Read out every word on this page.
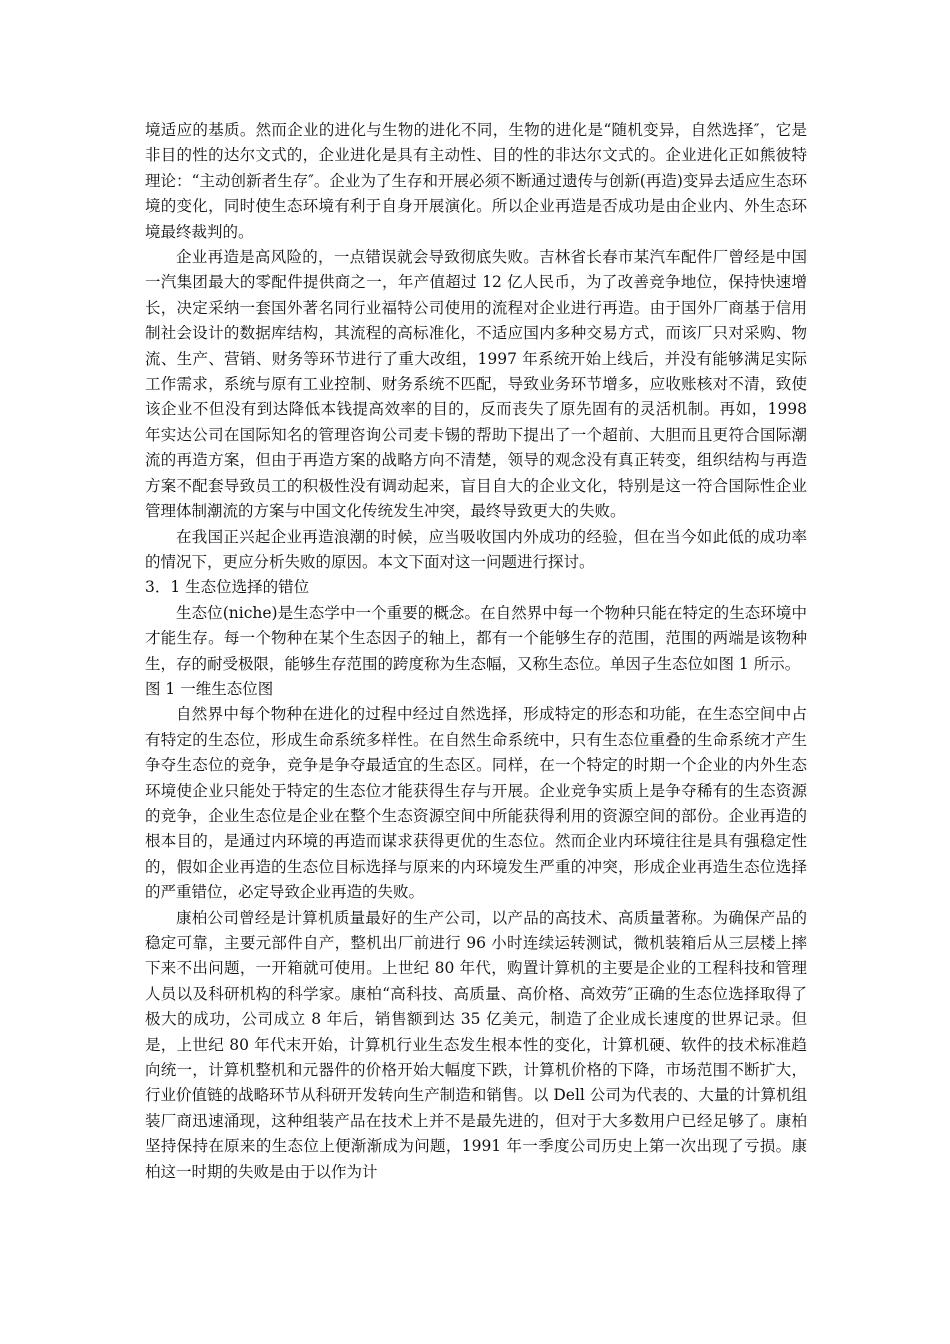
境适应的基质。然而企业的进化与生物的进化不同，生物的进化是“随机变异，自然选择″，它是非目的性的达尔文式的，企业进化是具有主动性、目的性的非达尔文式的。企业进化正如熊彼特理论：“主动创新者生存″。企业为了生存和开展必须不断通过遗传与创新(再造)变异去适应生态环境的变化，同时使生态环境有利于自身开展演化。所以企业再造是否成功是由企业内、外生态环境最终裁判的。

企业再造是高风险的，一点错误就会导致彻底失败。吉林省长春市某汽车配件厂曾经是中国一汽集团最大的零配件提供商之一，年产值超过 12 亿人民币，为了改善竞争地位，保持快速增长，决定采纳一套国外著名同行业福特公司使用的流程对企业进行再造。由于国外厂商基于信用制社会设计的数据库结构，其流程的高标准化，不适应国内多种交易方式，而该厂只对采购、物流、生产、营销、财务等环节进行了重大改组，1997 年系统开始上线后，并没有能够满足实际工作需求，系统与原有工业控制、财务系统不匹配，导致业务环节增多，应收账核对不清，致使该企业不但没有到达降低本钱提高效率的目的，反而丧失了原先固有的灵活机制。再如，1998 年实达公司在国际知名的管理咨询公司麦卡锡的帮助下提出了一个超前、大胆而且更符合国际潮流的再造方案，但由于再造方案的战略方向不清楚，领导的观念没有真正转变，组织结构与再造方案不配套导致员工的积极性没有调动起来，盲目自大的企业文化，特别是这一符合国际性企业管理体制潮流的方案与中国文化传统发生冲突，最终导致更大的失败。

在我国正兴起企业再造浪潮的时候，应当吸收国内外成功的经验，但在当今如此低的成功率的情况下，更应分析失败的原因。本文下面对这一问题进行探讨。

3．1 生态位选择的错位

生态位(niche)是生态学中一个重要的概念。在自然界中每一个物种只能在特定的生态环境中才能生存。每一个物种在某个生态因子的轴上，都有一个能够生存的范围，范围的两端是该物种生，存的耐受极限，能够生存范围的跨度称为生态幅，又称生态位。单因子生态位如图 1 所示。

图 1 一维生态位图

自然界中每个物种在进化的过程中经过自然选择，形成特定的形态和功能，在生态空间中占有特定的生态位，形成生命系统多样性。在自然生命系统中，只有生态位重叠的生命系统才产生争夺生态位的竞争，竞争是争夺最适宜的生态区。同样，在一个特定的时期一个企业的内外生态环境使企业只能处于特定的生态位才能获得生存与开展。企业竞争实质上是争夺稀有的生态资源的竞争，企业生态位是企业在整个生态资源空间中所能获得利用的资源空间的部份。企业再造的根本目的，是通过内环境的再造而谋求获得更优的生态位。然而企业内环境往往是具有强稳定性的，假如企业再造的生态位目标选择与原来的内环境发生严重的冲突，形成企业再造生态位选择的严重错位，必定导致企业再造的失败。

康柏公司曾经是计算机质量最好的生产公司，以产品的高技术、高质量著称。为确保产品的稳定可靠，主要元部件自产，整机出厂前进行 96 小时连续运转测试，微机装箱后从三层楼上摔下来不出问题，一开箱就可使用。上世纪 80 年代，购置计算机的主要是企业的工程科技和管理人员以及科研机构的科学家。康柏“高科技、高质量、高价格、高效劳″正确的生态位选择取得了极大的成功，公司成立 8 年后，销售额到达 35 亿美元，制造了企业成长速度的世界记录。但是，上世纪 80 年代末开始，计算机行业生态发生根本性的变化，计算机硬、软件的技术标准趋向统一，计算机整机和元器件的价格开始大幅度下跌，计算机价格的下降，市场范围不断扩大，行业价值链的战略环节从科研开发转向生产制造和销售。以 Dell 公司为代表的、大量的计算机组装厂商迅速涌现，这种组装产品在技术上并不是最先进的，但对于大多数用户已经足够了。康柏坚持保持在原来的生态位上便渐渐成为问题，1991 年一季度公司历史上第一次出现了亏损。康柏这一时期的失败是由于以作为计
